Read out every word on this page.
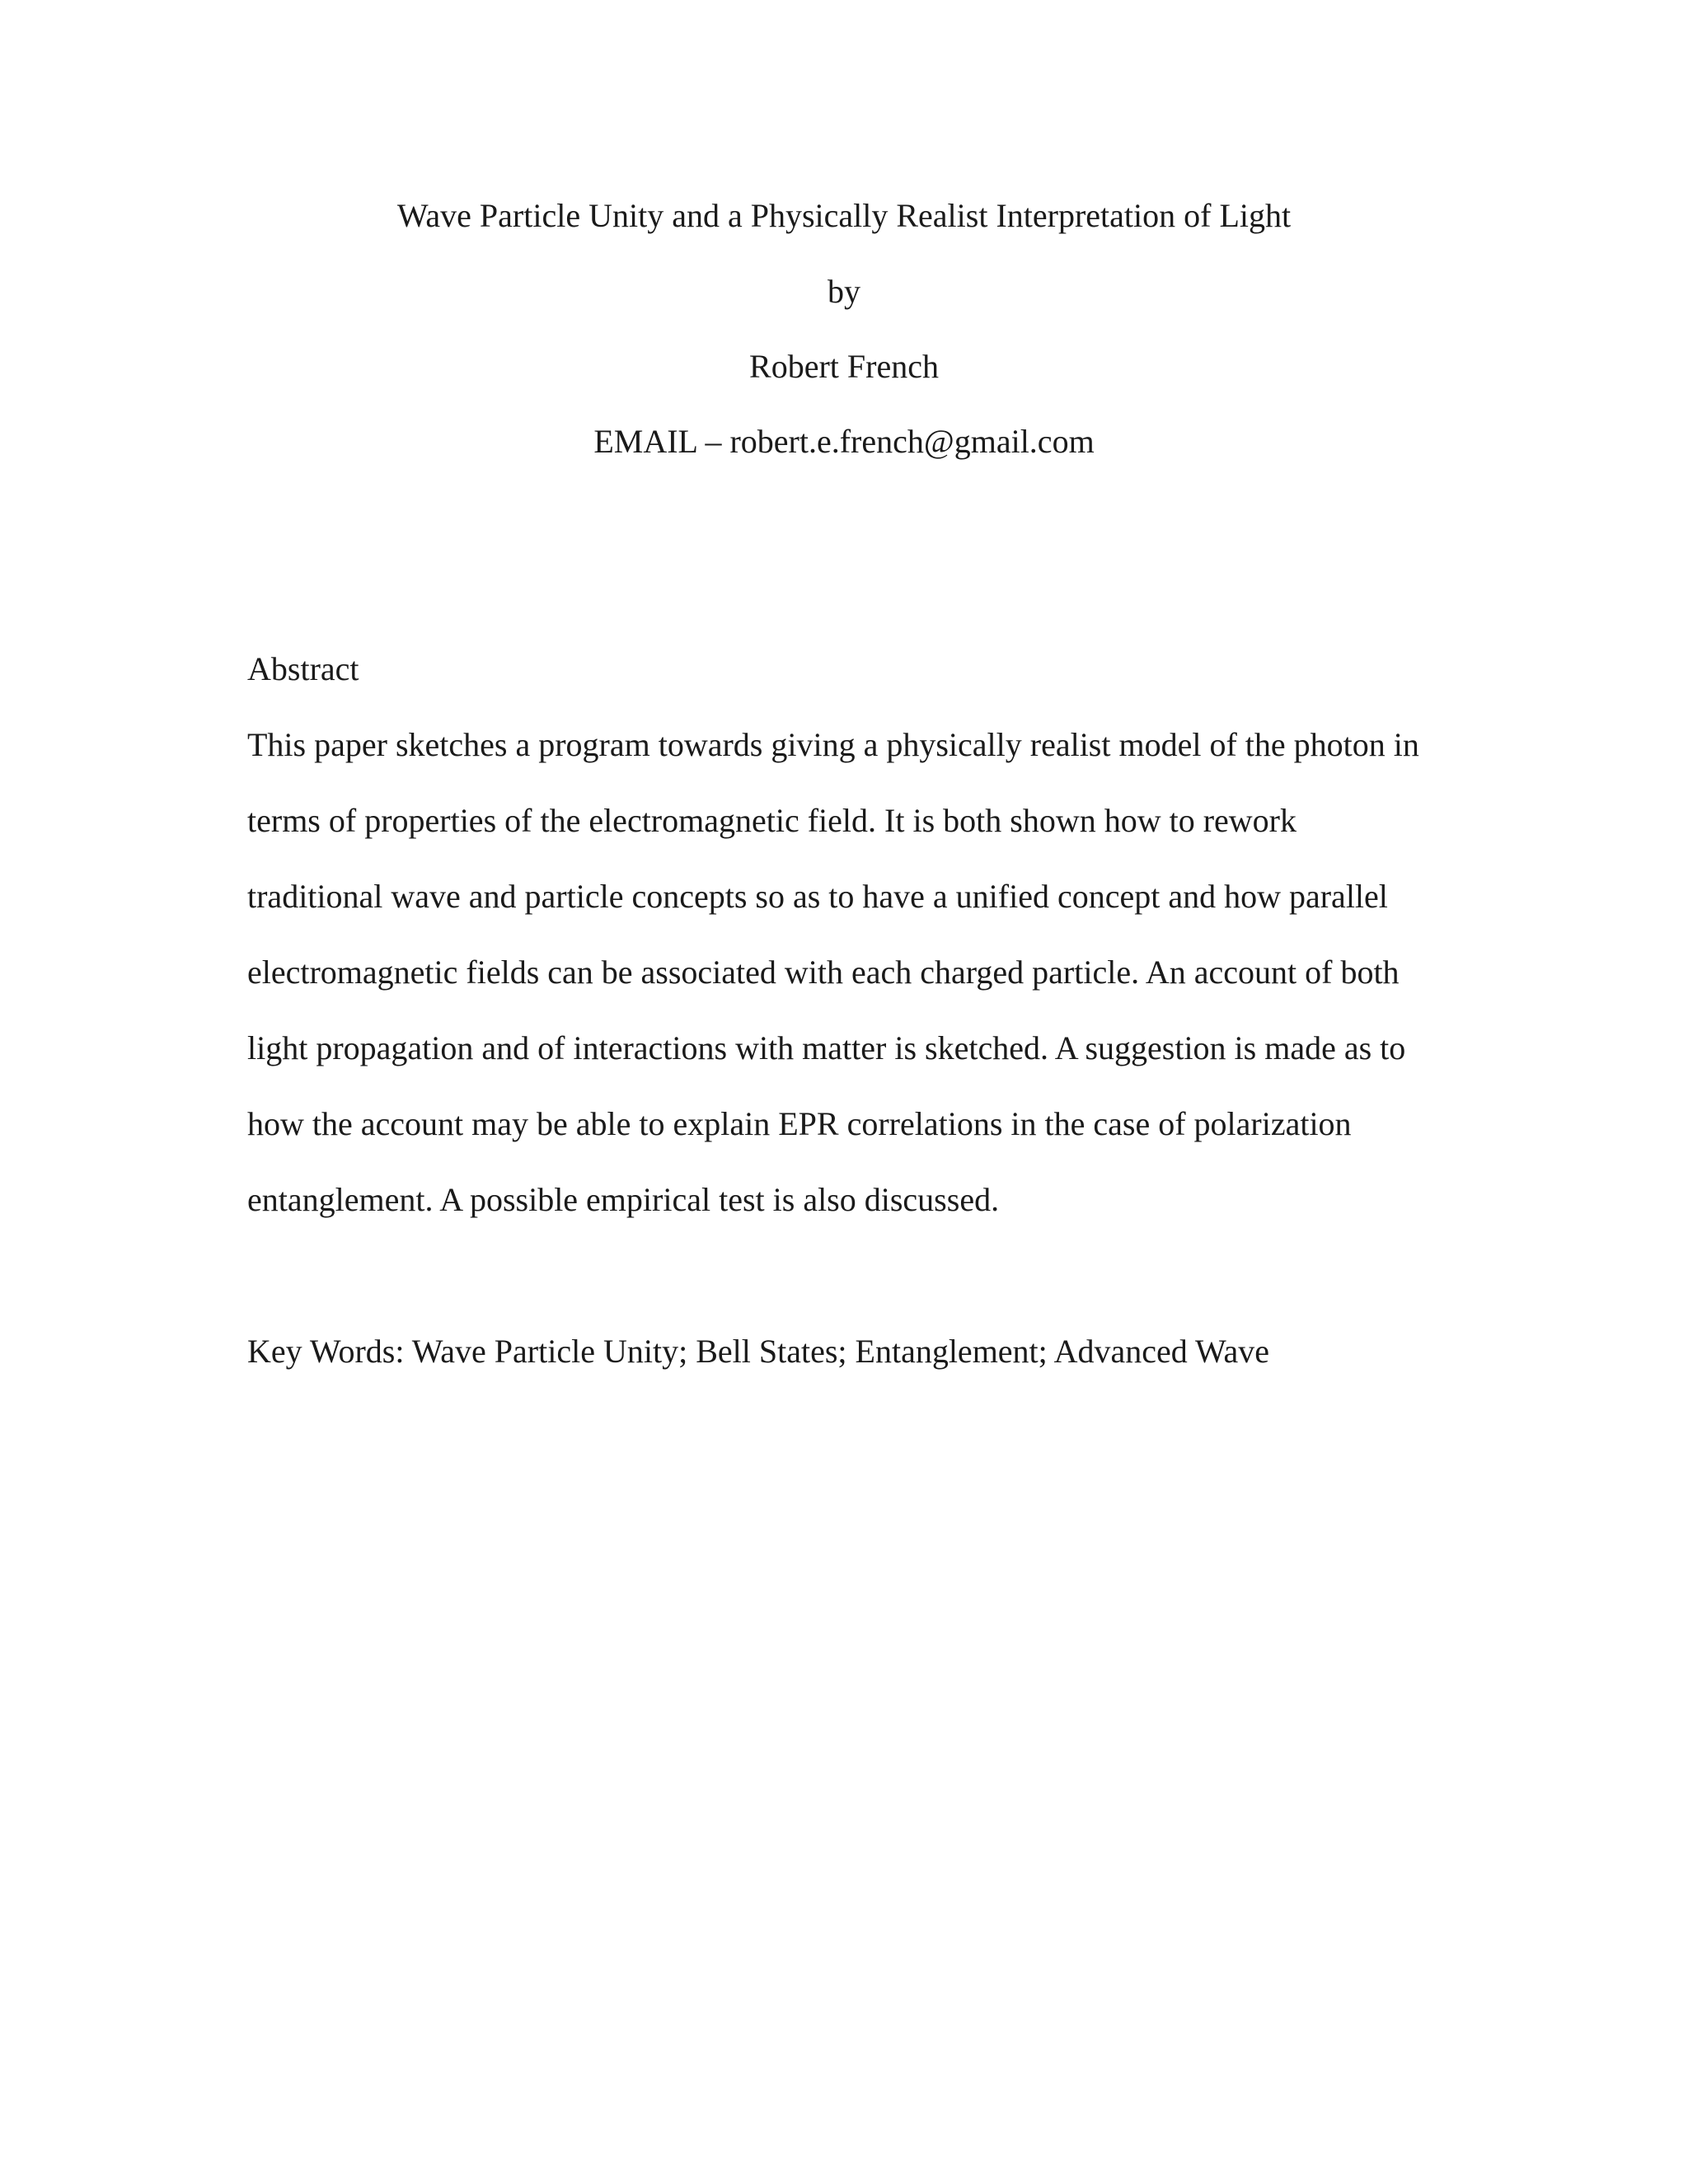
Wave Particle Unity and a Physically Realist Interpretation of Light
by
Robert French
EMAIL – robert.e.french@gmail.com
Abstract
This paper sketches a program towards giving a physically realist model of the photon in
terms of properties of the electromagnetic field. It is both shown how to rework
traditional wave and particle concepts so as to have a unified concept and how parallel
electromagnetic fields can be associated with each charged particle. An account of both
light propagation and of interactions with matter is sketched. A suggestion is made as to
how the account may be able to explain EPR correlations in the case of polarization
entanglement. A possible empirical test is also discussed.
Key Words: Wave Particle Unity; Bell States; Entanglement; Advanced Wave
